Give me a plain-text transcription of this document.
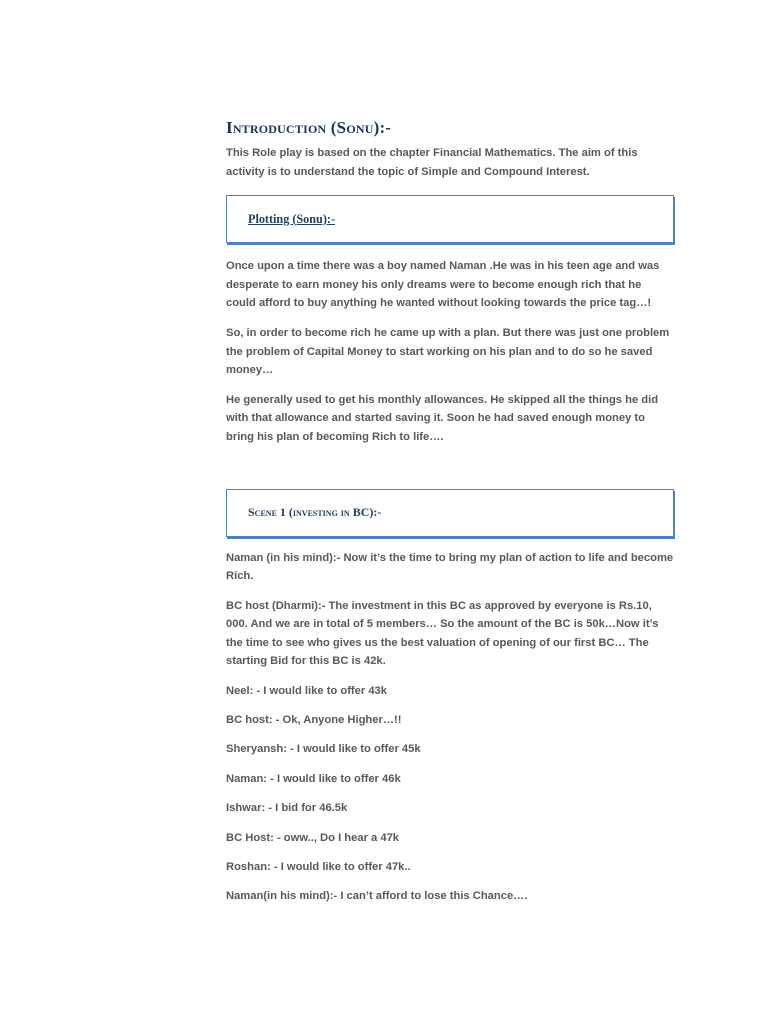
Introduction (Sonu):-

This Role play is based on the chapter Financial Mathematics. The aim of this activity is to understand the topic of Simple and Compound Interest.

Plotting (Sonu):-

Once upon a time there was a boy named Naman .He was in his teen age and was desperate to earn money his only dreams were to become enough rich that he could afford to buy anything he wanted without looking towards the price tag…!

So, in order to become rich he came up with a plan. But there was just one problem the problem of Capital Money to start working on his plan and to do so he saved money…

He generally used to get his monthly allowances. He skipped all the things he did with that allowance and started saving it. Soon he had saved enough money to bring his plan of becoming Rich to life….

Scene 1 (investing in BC):-

Naman (in his mind):- Now it’s the time to bring my plan of action to life and become Rich.

BC host (Dharmi):- The investment in this BC as approved by everyone is Rs.10, 000. And we are in total of 5 members… So the amount of the BC is 50k…Now it’s the time to see who gives us the best valuation of opening of our first BC… The starting Bid for this BC is 42k.

Neel: - I would like to offer 43k

BC host: - Ok, Anyone Higher…!!

Sheryansh: - I would like to offer 45k

Naman: - I would like to offer 46k

Ishwar: - I bid for 46.5k

BC Host: - oww.., Do I hear a 47k

Roshan: - I would like to offer 47k..

Naman(in his mind):- I can’t afford to lose this Chance….
